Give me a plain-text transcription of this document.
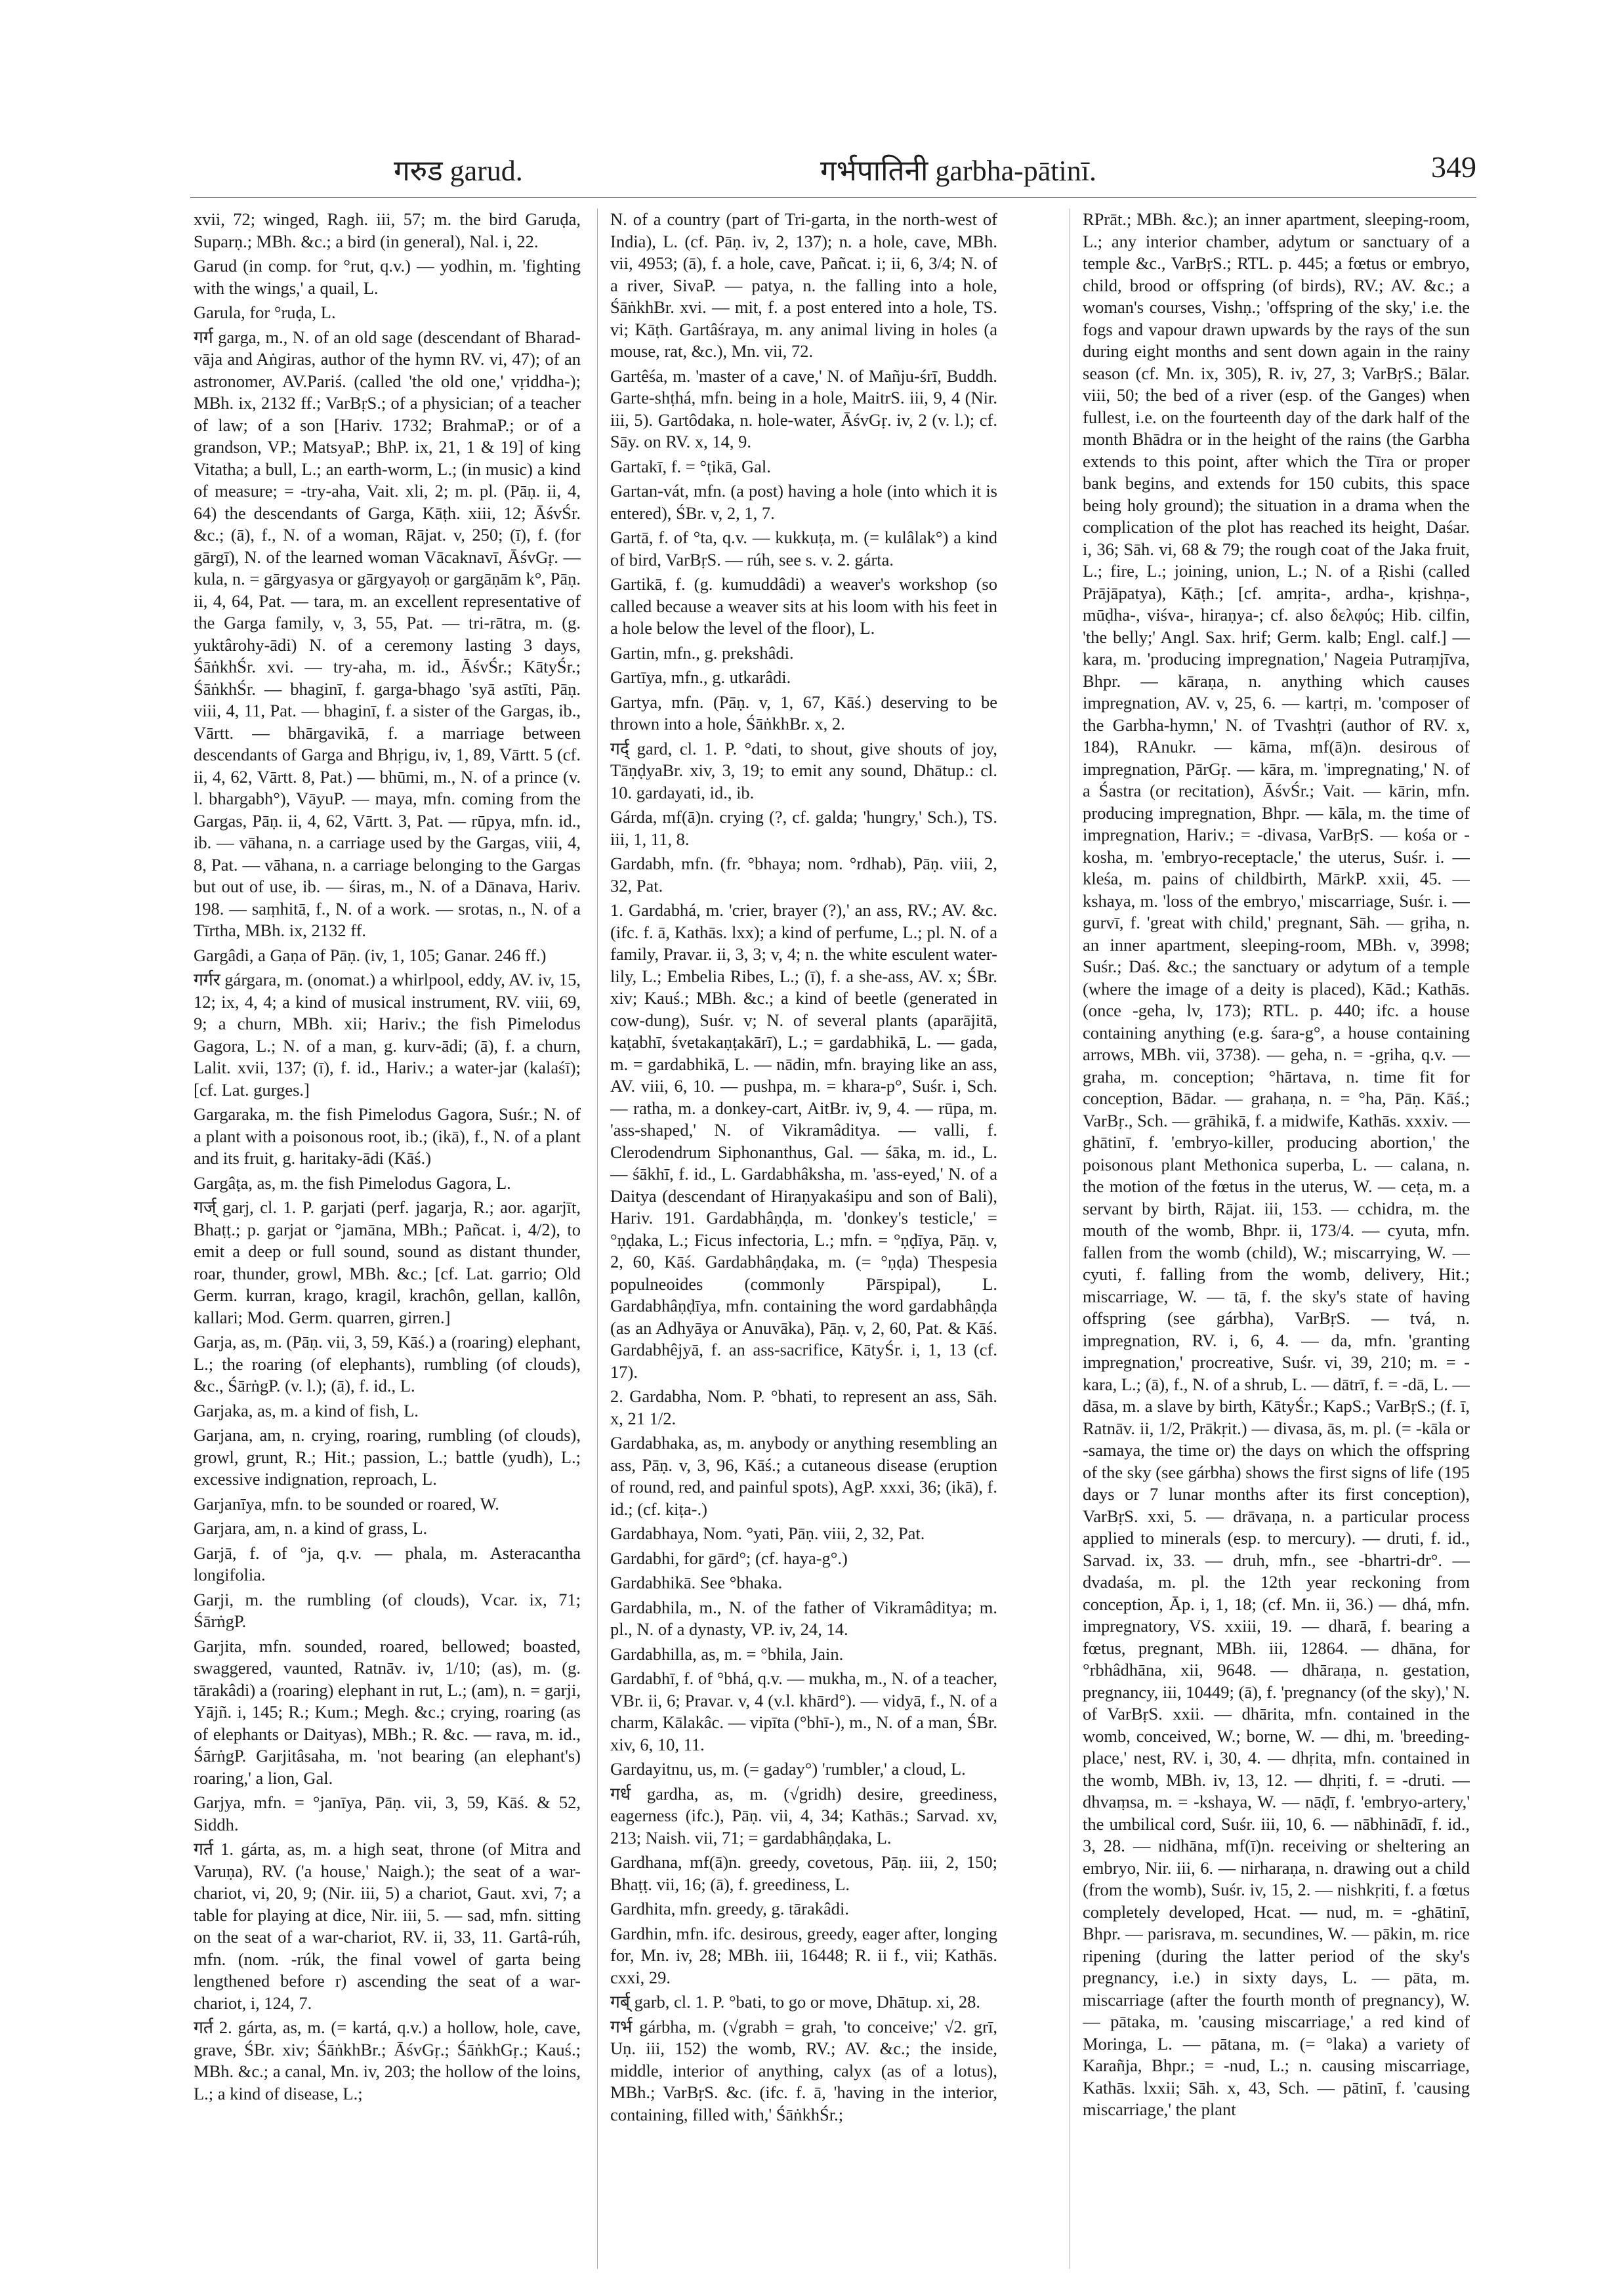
गरुड garud.	गर्भपातिनी garbha-pātinī.	349
xvii, 72; winged, Ragh. iii, 57; m. the bird Garuḍa, Suparṇ.; MBh. &c.; a bird (in general), Nal. i, 22.
Garud (in comp. for °rut, q.v.) — yodhin, m. 'fighting with the wings,' a quail, L.
Garula, for °ruḍa, L.
गर्ग garga, m., N. of an old sage (descendant of Bharad-vāja and Aṅgiras, author of the hymn RV. vi, 47); of an astronomer, AV.Pariś. (called 'the old one,' vṛiddha-); MBh. ix, 2132 ff.; VarBṛS.; of a physician; of a teacher of law; of a son [Hariv. 1732; BrahmaP.; or of a grandson, VP.; MatsyaP.; BhP. ix, 21, 1 & 19] of king Vitatha; a bull, L.; an earth-worm, L.; (in music) a kind of measure; = -try-aha, Vait. xli, 2; m. pl. (Pāṇ. ii, 4, 64) the descendants of Garga, Kāṭh. xiii, 12; ĀśvŚr. &c.; (ā), f., N. of a woman, Rājat. v, 250; (ī), f. (for gārgī), N. of the learned woman Vācaknavī, ĀśvGṛ. — kula, n. = gārgyasya or gārgyayoḥ or gargāṇām k°, Pāṇ. ii, 4, 64, Pat. — tara, m. an excellent representative of the Garga family, v, 3, 55, Pat. — tri-rātra, m. (g. yuktârohy-ādi) N. of a ceremony lasting 3 days, ŚāṅkhŚr. xvi. — try-aha, m. id., ĀśvŚr.; KātyŚr.; ŚāṅkhŚr. — bhaginī, f. garga-bhago 'syā astīti, Pāṇ. viii, 4, 11, Pat. — bhaginī, f. a sister of the Gargas, ib., Vārtt. — bhārgavikā, f. a marriage between descendants of Garga and Bhṛigu, iv, 1, 89, Vārtt. 5 (cf. ii, 4, 62, Vārtt. 8, Pat.) — bhūmi, m., N. of a prince (v. l. bhargabh°), VāyuP. — maya, mfn. coming from the Gargas, Pāṇ. ii, 4, 62, Vārtt. 3, Pat. — rūpya, mfn. id., ib. — vāhana, n. a carriage used by the Gargas, viii, 4, 8, Pat. — vāhana, n. a carriage belonging to the Gargas but out of use, ib. — śiras, m., N. of a Dānava, Hariv. 198. — saṃhitā, f., N. of a work. — srotas, n., N. of a Tīrtha, MBh. ix, 2132 ff.
Gargâdi, a Gaṇa of Pāṇ. (iv, 1, 105; Ganar. 246 ff.)
गर्गर gárgara, m. (onomat.) a whirlpool, eddy, AV. iv, 15, 12; ix, 4, 4; a kind of musical instrument, RV. viii, 69, 9; a churn, MBh. xii; Hariv.; the fish Pimelodus Gagora, L.; N. of a man, g. kurv-ādi; (ā), f. a churn, Lalit. xvii, 137; (ī), f. id., Hariv.; a water-jar (kalaśī); [cf. Lat. gurges.]
Gargaraka, m. the fish Pimelodus Gagora, Suśr.; N. of a plant with a poisonous root, ib.; (ikā), f., N. of a plant and its fruit, g. haritaky-ādi (Kāś.)
Gargâṭa, as, m. the fish Pimelodus Gagora, L.
गर्ज् garj, cl. 1. P. garjati (perf. jagarja, R.; aor. agarjīt, Bhaṭṭ.; p. garjat or °jamāna, MBh.; Pañcat. i, 4/2), to emit a deep or full sound, sound as distant thunder, roar, thunder, growl, MBh. &c.; [cf. Lat. garrio; Old Germ. kurran, krago, kragil, krachôn, gellan, kallôn, kallari; Mod. Germ. quarren, girren.]
Garja, as, m. (Pāṇ. vii, 3, 59, Kāś.) a (roaring) elephant, L.; the roaring (of elephants), rumbling (of clouds), &c., ŚārṅgP. (v. l.); (ā), f. id., L.
Garjaka, as, m. a kind of fish, L.
Garjana, am, n. crying, roaring, rumbling (of clouds), growl, grunt, R.; Hit.; passion, L.; battle (yudh), L.; excessive indignation, reproach, L.
Garjanīya, mfn. to be sounded or roared, W.
Garjara, am, n. a kind of grass, L.
Garjā, f. of °ja, q.v. — phala, m. Asteracantha longifolia.
Garji, m. the rumbling (of clouds), Vcar. ix, 71; ŚārṅgP.
Garjita, mfn. sounded, roared, bellowed; boasted, swaggered, vaunted, Ratnāv. iv, 1/10; (as), m. (g. tārakâdi) a (roaring) elephant in rut, L.; (am), n. = garji, Yājñ. i, 145; R.; Kum.; Megh. &c.; crying, roaring (as of elephants or Daityas), MBh.; R. &c. — rava, m. id., ŚārṅgP. Garjitâsaha, m. 'not bearing (an elephant's) roaring,' a lion, Gal.
Garjya, mfn. = °janīya, Pāṇ. vii, 3, 59, Kāś. & 52, Siddh.
गर्त 1. gárta, as, m. a high seat, throne (of Mitra and Varuṇa), RV. ('a house,' Naigh.); the seat of a war-chariot, vi, 20, 9; (Nir. iii, 5) a chariot, Gaut. xvi, 7; a table for playing at dice, Nir. iii, 5. — sad, mfn. sitting on the seat of a war-chariot, RV. ii, 33, 11. Gartâ-rúh, mfn. (nom. -rúk, the final vowel of garta being lengthened before r) ascending the seat of a war-chariot, i, 124, 7.
गर्त 2. gárta, as, m. (= kartá, q.v.) a hollow, hole, cave, grave, ŚBr. xiv; ŚāṅkhBr.; ĀśvGṛ.; ŚāṅkhGṛ.; Kauś.; MBh. &c.; a canal, Mn. iv, 203; the hollow of the loins, L.; a kind of disease, L.;
N. of a country (part of Tri-garta, in the north-west of India), L. (cf. Pāṇ. iv, 2, 137); n. a hole, cave, MBh. vii, 4953; (ā), f. a hole, cave, Pañcat. i; ii, 6, 3/4; N. of a river, SivaP. — patya, n. the falling into a hole, ŚāṅkhBr. xvi. — mit, f. a post entered into a hole, TS. vi; Kāṭh. Gartâśraya, m. any animal living in holes (a mouse, rat, &c.), Mn. vii, 72.
Gartêśa, m. 'master of a cave,' N. of Mañju-śrī, Buddh. Garte-shṭhá, mfn. being in a hole, MaitrS. iii, 9, 4 (Nir. iii, 5). Gartôdaka, n. hole-water, ĀśvGṛ. iv, 2 (v. l.); cf. Sāy. on RV. x, 14, 9.
Gartakī, f. = °ṭikā, Gal.
Gartan-vát, mfn. (a post) having a hole (into which it is entered), ŚBr. v, 2, 1, 7.
Gartā, f. of °ta, q.v. — kukkuṭa, m. (= kulâlak°) a kind of bird, VarBṛS. — rúh, see s. v. 2. gárta.
Gartikā, f. (g. kumuddâdi) a weaver's workshop (so called because a weaver sits at his loom with his feet in a hole below the level of the floor), L.
Gartin, mfn., g. prekshâdi.
Gartīya, mfn., g. utkarâdi.
Gartya, mfn. (Pāṇ. v, 1, 67, Kāś.) deserving to be thrown into a hole, ŚāṅkhBr. x, 2.
गर्द् gard, cl. 1. P. °dati, to shout, give shouts of joy, TāṇḍyaBr. xiv, 3, 19; to emit any sound, Dhātup.: cl. 10. gardayati, id., ib.
Gárda, mf(ā)n. crying (?, cf. galda; 'hungry,' Sch.), TS. iii, 1, 11, 8.
Gardabh, mfn. (fr. °bhaya; nom. °rdhab), Pāṇ. viii, 2, 32, Pat.
1. Gardabhá, m. 'crier, brayer (?),' an ass, RV.; AV. &c. (ifc. f. ā, Kathās. lxx); a kind of perfume, L.; pl. N. of a family, Pravar. ii, 3, 3; v, 4; n. the white esculent water-lily, L.; Embelia Ribes, L.; (ī), f. a she-ass, AV. x; ŚBr. xiv; Kauś.; MBh. &c.; a kind of beetle (generated in cow-dung), Suśr. v; N. of several plants (aparājitā, kaṭabhī, śvetakaṇṭakārī), L.; = gardabhikā, L. — gada, m. = gardabhikā, L. — nādin, mfn. braying like an ass, AV. viii, 6, 10. — pushpa, m. = khara-p°, Suśr. i, Sch. — ratha, m. a donkey-cart, AitBr. iv, 9, 4. — rūpa, m. 'ass-shaped,' N. of Vikramâditya. — valli, f. Clerodendrum Siphonanthus, Gal. — śāka, m. id., L. — śākhī, f. id., L. Gardabhâksha, m. 'ass-eyed,' N. of a Daitya (descendant of Hiraṇyakaśipu and son of Bali), Hariv. 191. Gardabhâṇḍa, m. 'donkey's testicle,' = °ṇḍaka, L.; Ficus infectoria, L.; mfn. = °ṇḍīya, Pāṇ. v, 2, 60, Kāś. Gardabhâṇḍaka, m. (= °ṇḍa) Thespesia populneoides (commonly Pārspipal), L. Gardabhâṇḍīya, mfn. containing the word gardabhâṇḍa (as an Adhyāya or Anuvāka), Pāṇ. v, 2, 60, Pat. & Kāś. Gardabhêjyā, f. an ass-sacrifice, KātyŚr. i, 1, 13 (cf. 17).
2. Gardabha, Nom. P. °bhati, to represent an ass, Sāh. x, 21 1/2.
Gardabhaka, as, m. anybody or anything resembling an ass, Pāṇ. v, 3, 96, Kāś.; a cutaneous disease (eruption of round, red, and painful spots), AgP. xxxi, 36; (ikā), f. id.; (cf. kiṭa-.)
Gardabhaya, Nom. °yati, Pāṇ. viii, 2, 32, Pat.
Gardabhi, for gārd°; (cf. haya-g°.)
Gardabhikā. See °bhaka.
Gardabhila, m., N. of the father of Vikramâditya; m. pl., N. of a dynasty, VP. iv, 24, 14.
Gardabhilla, as, m. = °bhila, Jain.
Gardabhī, f. of °bhá, q.v. — mukha, m., N. of a teacher, VBr. ii, 6; Pravar. v, 4 (v.l. khārd°). — vidyā, f., N. of a charm, Kālakâc. — vipīta (°bhī-), m., N. of a man, ŚBr. xiv, 6, 10, 11.
Gardayitnu, us, m. (= gaday°) 'rumbler,' a cloud, L.
गर्ध gardha, as, m. (√gridh) desire, greediness, eagerness (ifc.), Pāṇ. vii, 4, 34; Kathās.; Sarvad. xv, 213; Naish. vii, 71; = gardabhâṇḍaka, L.
Gardhana, mf(ā)n. greedy, covetous, Pāṇ. iii, 2, 150; Bhaṭṭ. vii, 16; (ā), f. greediness, L.
Gardhita, mfn. greedy, g. tārakâdi.
Gardhin, mfn. ifc. desirous, greedy, eager after, longing for, Mn. iv, 28; MBh. iii, 16448; R. ii f., vii; Kathās. cxxi, 29.
गर्ब् garb, cl. 1. P. °bati, to go or move, Dhātup. xi, 28.
गर्भ gárbha, m. (√grabh = grah, 'to conceive;' √2. grī, Uṇ. iii, 152) the womb, RV.; AV. &c.; the inside, middle, interior of anything, calyx (as of a lotus), MBh.; VarBṛS. &c. (ifc. f. ā, 'having in the interior, containing, filled with,' ŚāṅkhŚr.;
RPrāt.; MBh. &c.); an inner apartment, sleeping-room, L.; any interior chamber, adytum or sanctuary of a temple &c., VarBṛS.; RTL. p. 445; a fœtus or embryo, child, brood or offspring (of birds), RV.; AV. &c.; a woman's courses, Vishṇ.; 'offspring of the sky,' i.e. the fogs and vapour drawn upwards by the rays of the sun during eight months and sent down again in the rainy season (cf. Mn. ix, 305), R. iv, 27, 3; VarBṛS.; Bālar. viii, 50; the bed of a river (esp. of the Ganges) when fullest, i.e. on the fourteenth day of the dark half of the month Bhādra or in the height of the rains (the Garbha extends to this point, after which the Tīra or proper bank begins, and extends for 150 cubits, this space being holy ground); the situation in a drama when the complication of the plot has reached its height, Daśar. i, 36; Sāh. vi, 68 & 79; the rough coat of the Jaka fruit, L.; fire, L.; joining, union, L.; N. of a Ṛishi (called Prājāpatya), Kāṭh.; [cf. amṛita-, ardha-, kṛishṇa-, mūḍha-, viśva-, hiraṇya-; cf. also δελφύς; Hib. cilfin, 'the belly;' Angl. Sax. hrif; Germ. kalb; Engl. calf.] — kara, m. 'producing impregnation,' Nageia Putraṃjīva, Bhpr. — kāraṇa, n. anything which causes impregnation, AV. v, 25, 6. — kartṛi, m. 'composer of the Garbha-hymn,' N. of Tvashṭri (author of RV. x, 184), RAnukr. — kāma, mf(ā)n. desirous of impregnation, PārGṛ. — kāra, m. 'impregnating,' N. of a Śastra (or recitation), ĀśvŚr.; Vait. — kārin, mfn. producing impregnation, Bhpr. — kāla, m. the time of impregnation, Hariv.; = -divasa, VarBṛS. — kośa or -kosha, m. 'embryo-receptacle,' the uterus, Suśr. i. — kleśa, m. pains of childbirth, MārkP. xxii, 45. — kshaya, m. 'loss of the embryo,' miscarriage, Suśr. i. — gurvī, f. 'great with child,' pregnant, Sāh. — gṛiha, n. an inner apartment, sleeping-room, MBh. v, 3998; Suśr.; Daś. &c.; the sanctuary or adytum of a temple (where the image of a deity is placed), Kād.; Kathās. (once -geha, lv, 173); RTL. p. 440; ifc. a house containing anything (e.g. śara-g°, a house containing arrows, MBh. vii, 3738). — geha, n. = -gṛiha, q.v. — graha, m. conception; °hārtava, n. time fit for conception, Bādar. — grahaṇa, n. = °ha, Pāṇ. Kāś.; VarBṛ., Sch. — grāhikā, f. a midwife, Kathās. xxxiv. — ghātinī, f. 'embryo-killer, producing abortion,' the poisonous plant Methonica superba, L. — calana, n. the motion of the fœtus in the uterus, W. — ceṭa, m. a servant by birth, Rājat. iii, 153. — cchidra, m. the mouth of the womb, Bhpr. ii, 173/4. — cyuta, mfn. fallen from the womb (child), W.; miscarrying, W. — cyuti, f. falling from the womb, delivery, Hit.; miscarriage, W. — tā, f. the sky's state of having offspring (see gárbha), VarBṛS. — tvá, n. impregnation, RV. i, 6, 4. — da, mfn. 'granting impregnation,' procreative, Suśr. vi, 39, 210; m. = -kara, L.; (ā), f., N. of a shrub, L. — dātrī, f. = -dā, L. — dāsa, m. a slave by birth, KātyŚr.; KapS.; VarBṛS.; (f. ī, Ratnāv. ii, 1/2, Prākṛit.) — divasa, ās, m. pl. (= -kāla or -samaya, the time or) the days on which the offspring of the sky (see gárbha) shows the first signs of life (195 days or 7 lunar months after its first conception), VarBṛS. xxi, 5. — drāvaṇa, n. a particular process applied to minerals (esp. to mercury). — druti, f. id., Sarvad. ix, 33. — druh, mfn., see -bhartri-dr°. — dvadaśa, m. pl. the 12th year reckoning from conception, Āp. i, 1, 18; (cf. Mn. ii, 36.) — dhá, mfn. impregnatory, VS. xxiii, 19. — dharā, f. bearing a fœtus, pregnant, MBh. iii, 12864. — dhāna, for °rbhâdhāna, xii, 9648. — dhāraṇa, n. gestation, pregnancy, iii, 10449; (ā), f. 'pregnancy (of the sky),' N. of VarBṛS. xxii. — dhārita, mfn. contained in the womb, conceived, W.; borne, W. — dhi, m. 'breeding-place,' nest, RV. i, 30, 4. — dhṛita, mfn. contained in the womb, MBh. iv, 13, 12. — dhṛiti, f. = -druti. — dhvaṃsa, m. = -kshaya, W. — nāḍī, f. 'embryo-artery,' the umbilical cord, Suśr. iii, 10, 6. — nābhinādī, f. id., 3, 28. — nidhāna, mf(ī)n. receiving or sheltering an embryo, Nir. iii, 6. — nirharaṇa, n. drawing out a child (from the womb), Suśr. iv, 15, 2. — nishkṛiti, f. a fœtus completely developed, Hcat. — nud, m. = -ghātinī, Bhpr. — parisrava, m. secundines, W. — pākin, m. rice ripening (during the latter period of the sky's pregnancy, i.e.) in sixty days, L. — pāta, m. miscarriage (after the fourth month of pregnancy), W. — pātaka, m. 'causing miscarriage,' a red kind of Moringa, L. — pātana, m. (= °laka) a variety of Karañja, Bhpr.; = -nud, L.; n. causing miscarriage, Kathās. lxxii; Sāh. x, 43, Sch. — pātinī, f. 'causing miscarriage,' the plant
